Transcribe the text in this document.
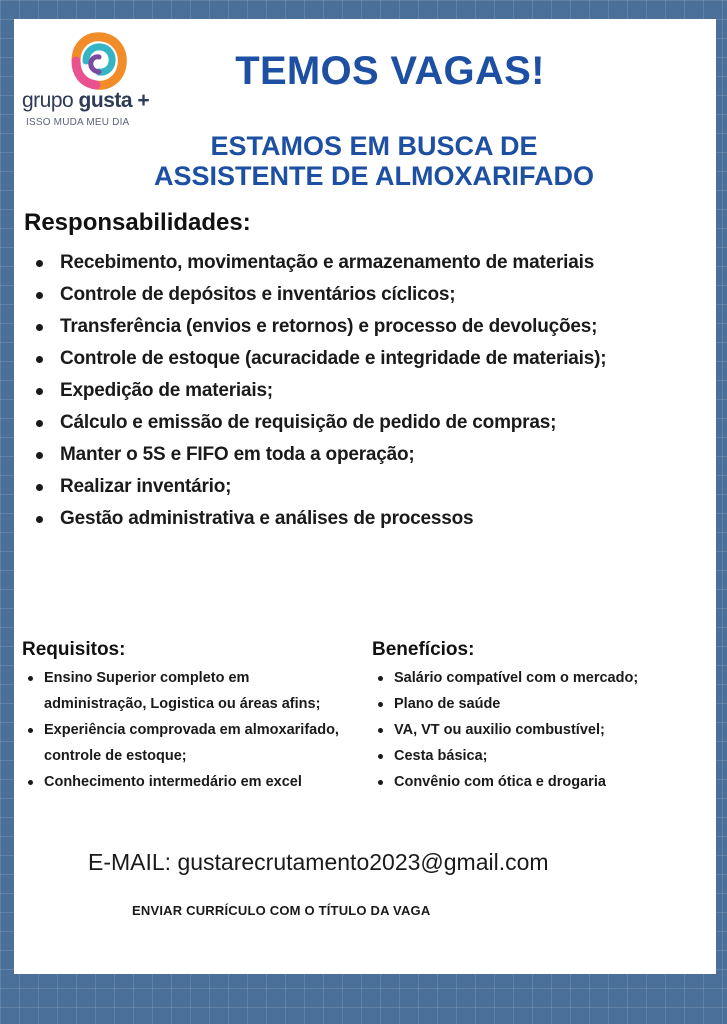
grupo gusta +
ISSO MUDA MEU DIA
TEMOS VAGAS!
ESTAMOS EM BUSCA DE
ASSISTENTE DE ALMOXARIFADO
Responsabilidades:
Recebimento, movimentação e armazenamento de materiais
Controle de depósitos e inventários cíclicos;
Transferência (envios e retornos) e processo de devoluções;
Controle de estoque (acuracidade e integridade de materiais);
Expedição de materiais;
Cálculo e emissão de requisição de pedido de compras;
Manter o 5S e FIFO em toda a operação;
Realizar inventário;
Gestão administrativa e análises de processos
Requisitos:
Ensino Superior completo em administração, Logistica ou áreas afins;
Experiência comprovada em almoxarifado, controle de estoque;
Conhecimento intermedário em excel
Benefícios:
Salário compatível com o mercado;
Plano de saúde
VA, VT ou auxilio combustível;
Cesta básica;
Convênio com ótica e drogaria

E-MAIL: gustarecrutamento2023@gmail.com

ENVIAR CURRÍCULO COM O TÍTULO DA VAGA
